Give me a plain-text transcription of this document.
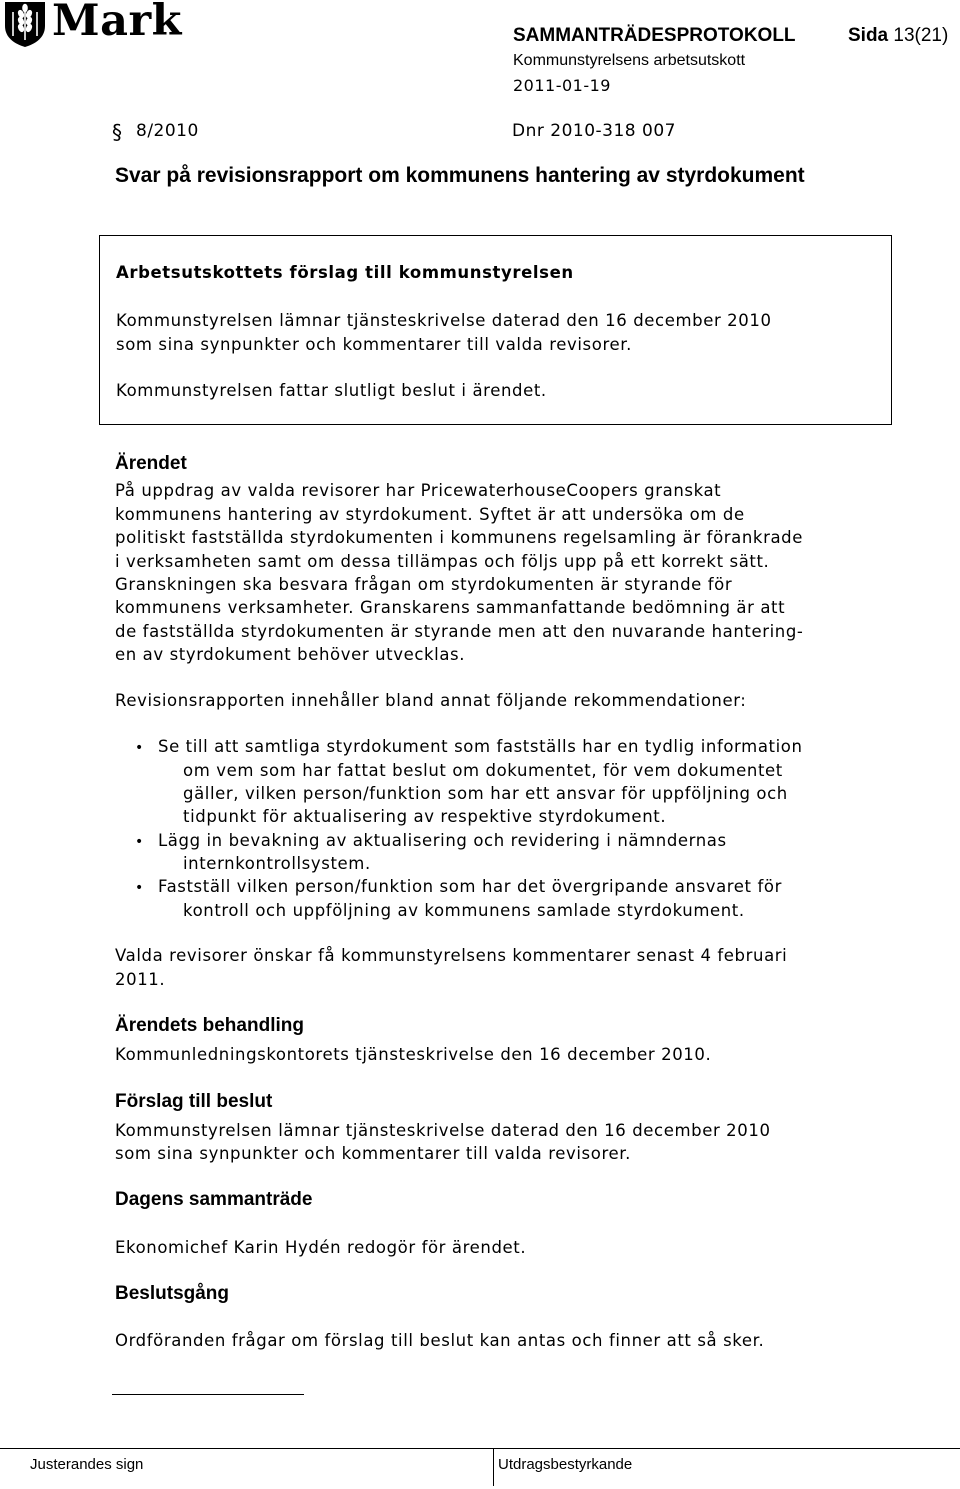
Mark	SAMMANTRÄDESPROTOKOLL	Sida 13(21)
Kommunstyrelsens arbetsutskott
2011-01-19
§ 8/2010	Dnr 2010-318 007
Svar på revisionsrapport om kommunens hantering av styrdokument
Arbetsutskottets förslag till kommunstyrelsen
Kommunstyrelsen lämnar tjänsteskrivelse daterad den 16 december 2010
som sina synpunkter och kommentarer till valda revisorer.
Kommunstyrelsen fattar slutligt beslut i ärendet.
Ärendet
På uppdrag av valda revisorer har PricewaterhouseCoopers granskat
kommunens hantering av styrdokument. Syftet är att undersöka om de
politiskt fastställda styrdokumenten i kommunens regelsamling är förankrade
i verksamheten samt om dessa tillämpas och följs upp på ett korrekt sätt.
Granskningen ska besvara frågan om styrdokumenten är styrande för
kommunens verksamheter. Granskarens sammanfattande bedömning är att
de fastställda styrdokumenten är styrande men att den nuvarande hantering-
en av styrdokument behöver utvecklas.
Revisionsrapporten innehåller bland annat följande rekommendationer:
• Se till att samtliga styrdokument som fastställs har en tydlig information
om vem som har fattat beslut om dokumentet, för vem dokumentet
gäller, vilken person/funktion som har ett ansvar för uppföljning och
tidpunkt för aktualisering av respektive styrdokument.
• Lägg in bevakning av aktualisering och revidering i nämndernas
internkontrollsystem.
• Fastställ vilken person/funktion som har det övergripande ansvaret för
kontroll och uppföljning av kommunens samlade styrdokument.
Valda revisorer önskar få kommunstyrelsens kommentarer senast 4 februari
2011.
Ärendets behandling
Kommunledningskontorets tjänsteskrivelse den 16 december 2010.
Förslag till beslut
Kommunstyrelsen lämnar tjänsteskrivelse daterad den 16 december 2010
som sina synpunkter och kommentarer till valda revisorer.
Dagens sammanträde
Ekonomichef Karin Hydén redogör för ärendet.
Beslutsgång
Ordföranden frågar om förslag till beslut kan antas och finner att så sker.
Justerandes sign	Utdragsbestyrkande
